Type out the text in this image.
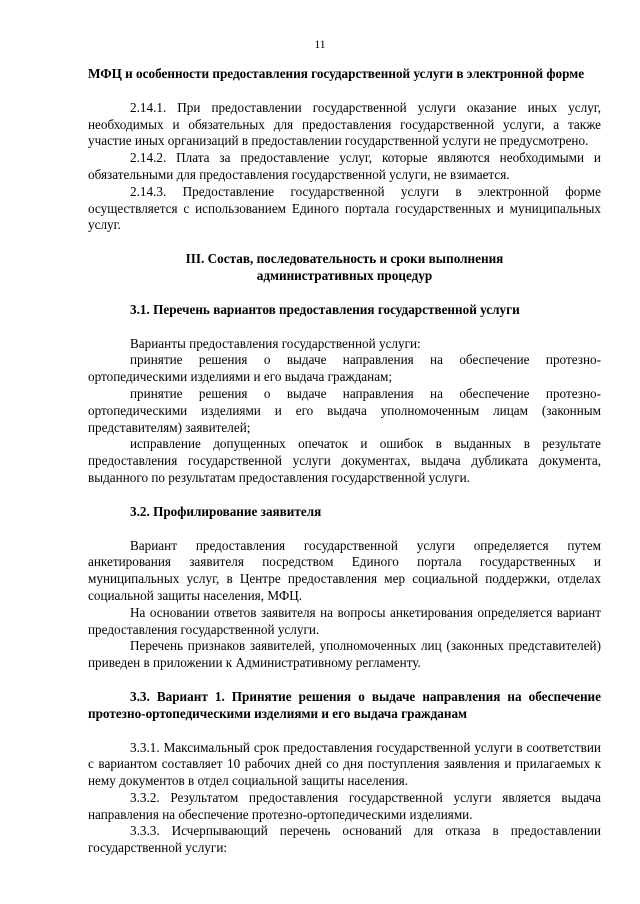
11

МФЦ и особенности предоставления государственной услуги в электронной форме

2.14.1. При предоставлении государственной услуги оказание иных услуг, необходимых и обязательных для предоставления государственной услуги, а также участие иных организаций в предоставлении государственной услуги не предусмотрено.

2.14.2. Плата за предоставление услуг, которые являются необходимыми и обязательными для предоставления государственной услуги, не взимается.

2.14.3. Предоставление государственной услуги в электронной форме осуществляется с использованием Единого портала государственных и муниципальных услуг.

III. Состав, последовательность и сроки выполнения

административных процедур

3.1. Перечень вариантов предоставления государственной услуги

Варианты предоставления государственной услуги:

принятие решения о выдаче направления на обеспечение протезно-ортопедическими изделиями и его выдача гражданам;

принятие решения о выдаче направления на обеспечение протезно-ортопедическими изделиями и его выдача уполномоченным лицам (законным представителям) заявителей;

исправление допущенных опечаток и ошибок в выданных в результате предоставления государственной услуги документах, выдача дубликата документа, выданного по результатам предоставления государственной услуги.

3.2. Профилирование заявителя

Вариант предоставления государственной услуги определяется путем анкетирования заявителя посредством Единого портала государственных и муниципальных услуг, в Центре предоставления мер социальной поддержки, отделах социальной защиты населения, МФЦ.

На основании ответов заявителя на вопросы анкетирования определяется вариант предоставления государственной услуги.

Перечень признаков заявителей, уполномоченных лиц (законных представителей) приведен в приложении к Административному регламенту.

3.3. Вариант 1. Принятие решения о выдаче направления на обеспечение протезно-ортопедическими изделиями и его выдача гражданам

3.3.1. Максимальный срок предоставления государственной услуги в соответствии с вариантом составляет 10 рабочих дней со дня поступления заявления и прилагаемых к нему документов в отдел социальной защиты населения.

3.3.2. Результатом предоставления государственной услуги является выдача направления на обеспечение протезно-ортопедическими изделиями.

3.3.3. Исчерпывающий перечень оснований для отказа в предоставлении государственной услуги:
